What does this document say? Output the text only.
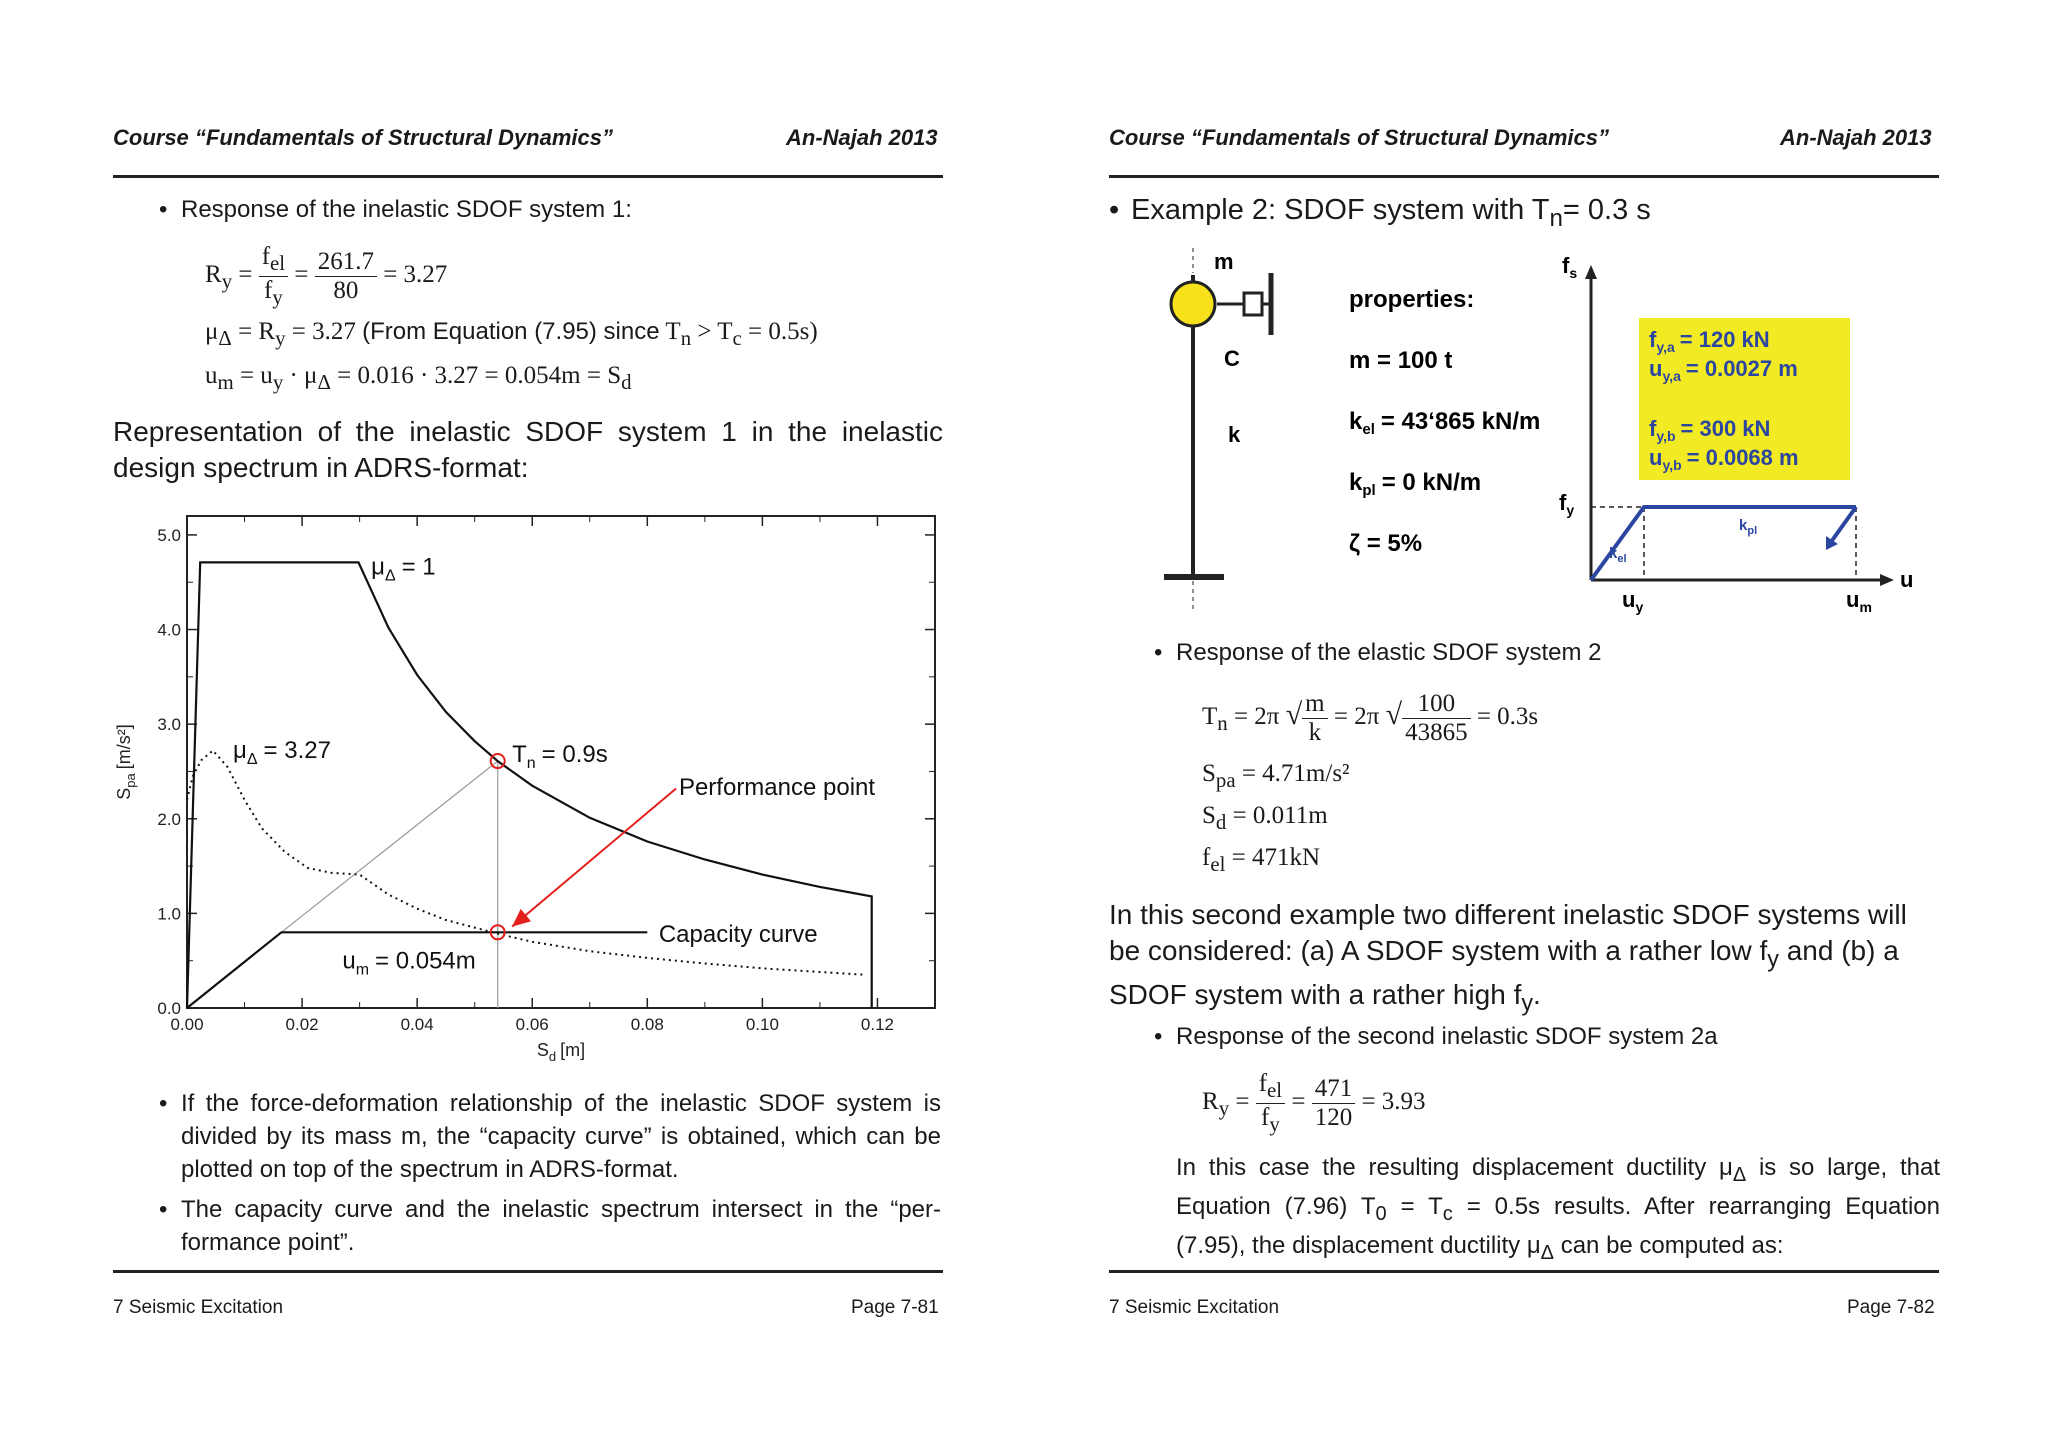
Course “Fundamentals of Structural Dynamics”	An-Najah 2013
• Response of the inelastic SDOF system 1:
$R_y = \frac{f_{el}}{f_y} = \frac{261.7}{80} = 3.27$
$\mu_\Delta = R_y = 3.27$ (From Equation (7.95) since $T_n > T_c = 0.5s$)
$u_m = u_y \cdot \mu_\Delta = 0.016 \cdot 3.27 = 0.054m = S_d$
Representation of the inelastic SDOF system 1 in the inelastic design spectrum in ADRS-format:
0.00	0.02	0.04	0.06	0.08	0.10	0.12
0.0
1.0
2.0
3.0
4.0
5.0
$S_d$ [m]
$S_{pa}[m/s^2]$
$\mu_\Delta = 1$
$\mu_\Delta = 3.27$	$T_n = 0.9s$
Performance point
Capacity curve
$u_m = 0.054m$
• If the force-deformation relationship of the inelastic SDOF system is divided by its mass m, the “capacity curve” is obtained, which can be plotted on top of the spectrum in ADRS-format.
• The capacity curve and the inelastic spectrum intersect in the “performance point”.
7 Seismic Excitation	Page 7-81
Course “Fundamentals of Structural Dynamics”	An-Najah 2013
• Example 2: SDOF system with $T_n= 0.3$ s
m
C
k
properties:
m = 100 t
$k_{el}$ = 43‘865 kN/m
$k_{pl} = 0$ kN/m
ζ = 5%
$f_s$
u
$f_y$
$u_y$	$u_m$
$k_{el}$
$k_{pl}$
$f_{y,a} = 120$ kN
$u_{y,a} = 0.0027$ m
$f_{y,b} = 300$ kN
$u_{y,b} = 0.0068$ m
• Response of the elastic SDOF system 2
$T_n = 2\pi$ √ $\frac{m}{k} = 2\pi$ √ $\frac{100}{43865} = 0.3s$
$S_{pa} = 4.71m/s^2$
$S_d = 0.011m$
$f_{el} = 471kN$
In this second example two different inelastic SDOF systems will be considered: (a) A SDOF system with a rather low $f_y$ and (b) a SDOF system with a rather high $f_y$.
• Response of the second inelastic SDOF system 2a
$R_y = \frac{f_{el}}{f_y} = \frac{471}{120} = 3.93$
In this case the resulting displacement ductility $\mu_\Delta$ is so large, that Equation (7.96) $T_0 = T_c = 0.5s$ results. After rearranging Equation (7.95), the displacement ductility $\mu_\Delta$ can be computed as:
7 Seismic Excitation	Page 7-82
